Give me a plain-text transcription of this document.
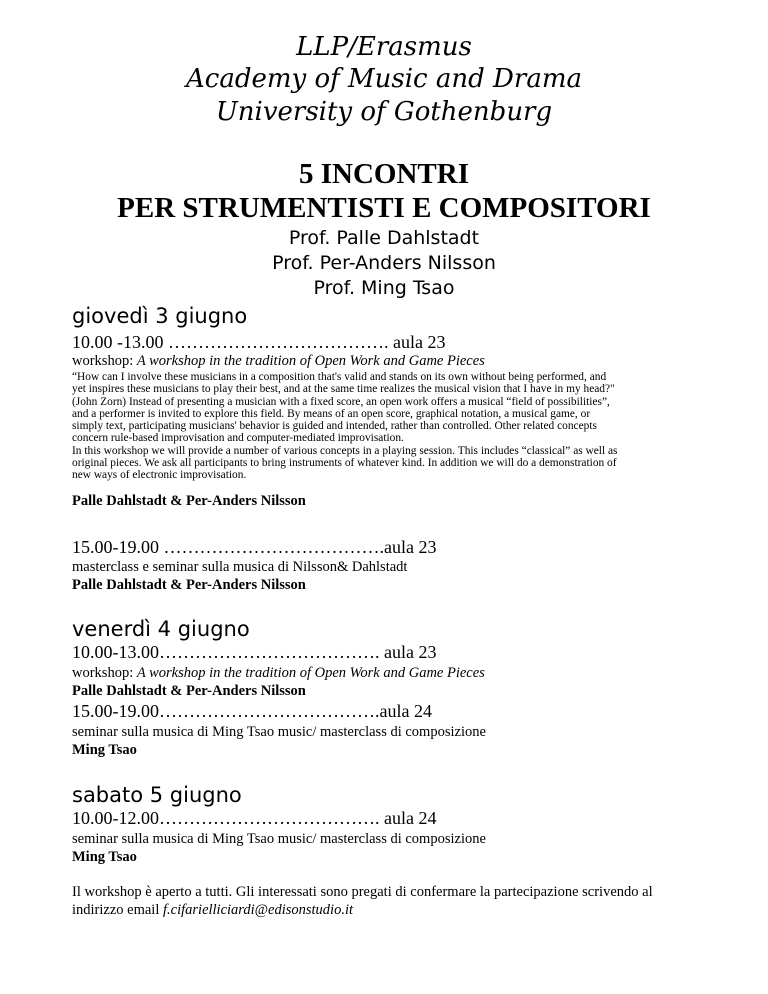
LLP/Erasmus
Academy of Music and Drama
University of Gothenburg
5 INCONTRI
PER STRUMENTISTI E COMPOSITORI
Prof. Palle Dahlstadt
Prof. Per-Anders Nilsson
Prof. Ming Tsao
giovedì 3 giugno
10.00 -13.00 ………………………………. aula 23
workshop: A workshop in the tradition of Open Work and Game Pieces

“How can I involve these musicians in a composition that's valid and stands on its own without being performed, and

yet inspires these musicians to play their best, and at the same time realizes the musical vision that I have in my head?"

(John Zorn) Instead of presenting a musician with a fixed score, an open work offers a musical “field of possibilities”,

and a performer is invited to explore this field. By means of an open score, graphical notation, a musical game, or

simply text, participating musicians' behavior is guided and intended, rather than controlled. Other related concepts

concern rule-based improvisation and computer-mediated improvisation.

In this workshop we will provide a number of various concepts in a playing session. This includes “classical” as well as

original pieces. We ask all participants to bring instruments of whatever kind. In addition we will do a demonstration of

new ways of electronic improvisation.

Palle Dahlstadt & Per-Anders Nilsson
15.00-19.00 ……………………………….aula 23
masterclass e seminar sulla musica di Nilsson& Dahlstadt
Palle Dahlstadt & Per-Anders Nilsson
venerdì 4 giugno
10.00-13.00………………………………. aula 23
workshop: A workshop in the tradition of Open Work and Game Pieces
Palle Dahlstadt & Per-Anders Nilsson
15.00-19.00……………………………….aula 24
seminar sulla musica di Ming Tsao music/ masterclass di composizione
Ming Tsao
sabato 5 giugno
10.00-12.00………………………………. aula 24
seminar sulla musica di Ming Tsao music/ masterclass di composizione
Ming Tsao
Il workshop è aperto a tutti. Gli interessati sono pregati di confermare la partecipazione scrivendo al
indirizzo email f.cifarielliciardi@edisonstudio.it
